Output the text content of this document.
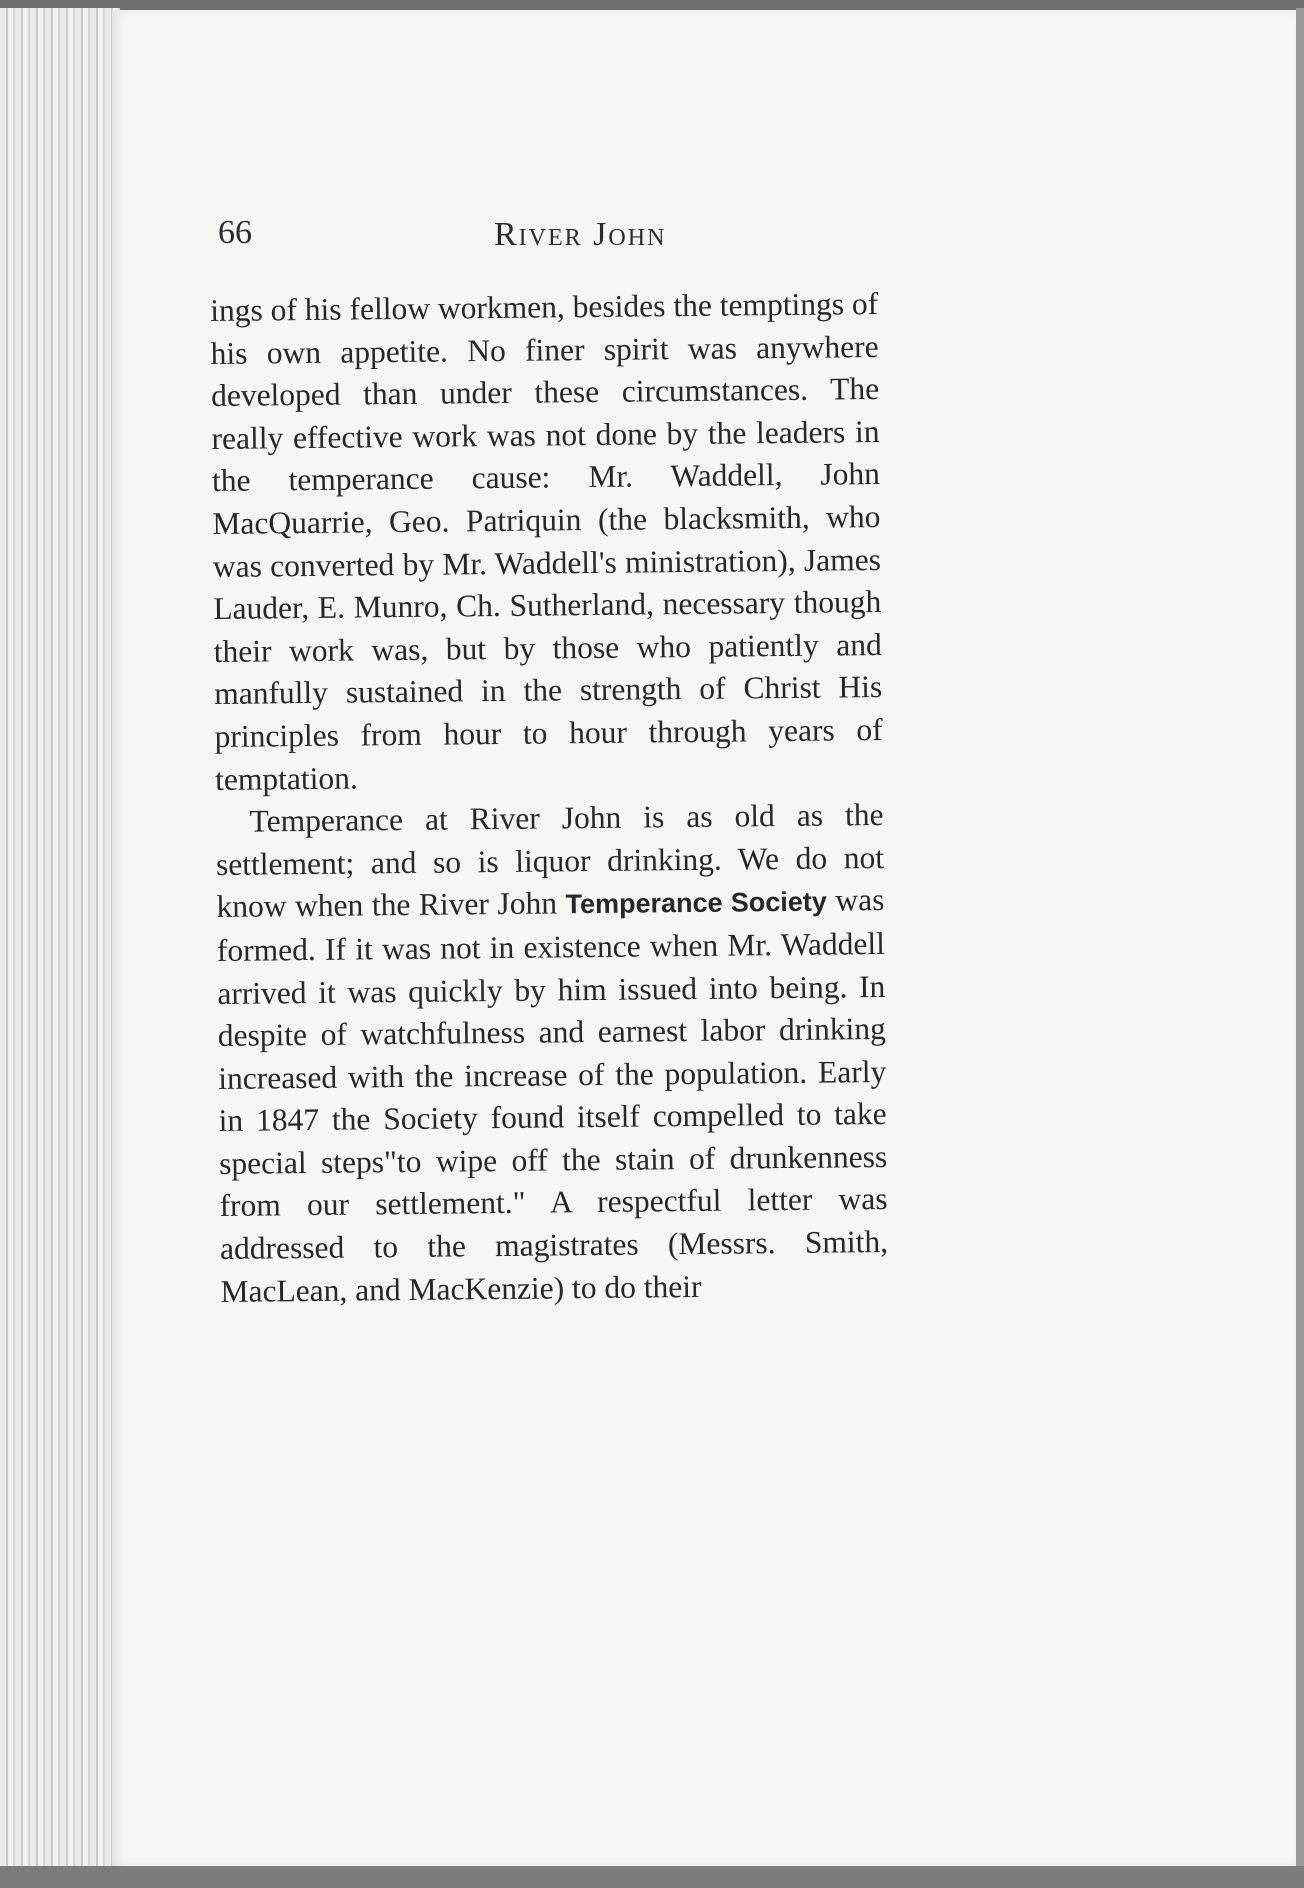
66	River John

ings of his fellow workmen, besides the temptings of his own appetite. No finer spirit was anywhere developed than under these circumstances. The really effective work was not done by the leaders in the temperance cause: Mr. Waddell, John MacQuarrie, Geo. Patriquin (the blacksmith, who was converted by Mr. Waddell's ministration), James Lauder, E. Munro, Ch. Sutherland, necessary though their work was, but by those who patiently and manfully sustained in the strength of Christ His principles from hour to hour through years of temptation.

Temperance at River John is as old as the settlement; and so is liquor drinking. We do not know when the River John Temperance Society was formed. If it was not in existence when Mr. Waddell arrived it was quickly by him issued into being. In despite of watchfulness and earnest labor drinking increased with the increase of the population. Early in 1847 the Society found itself compelled to take special steps"to wipe off the stain of drunkenness from our settlement." A respectful letter was addressed to the magistrates (Messrs. Smith, MacLean, and MacKenzie) to do their
